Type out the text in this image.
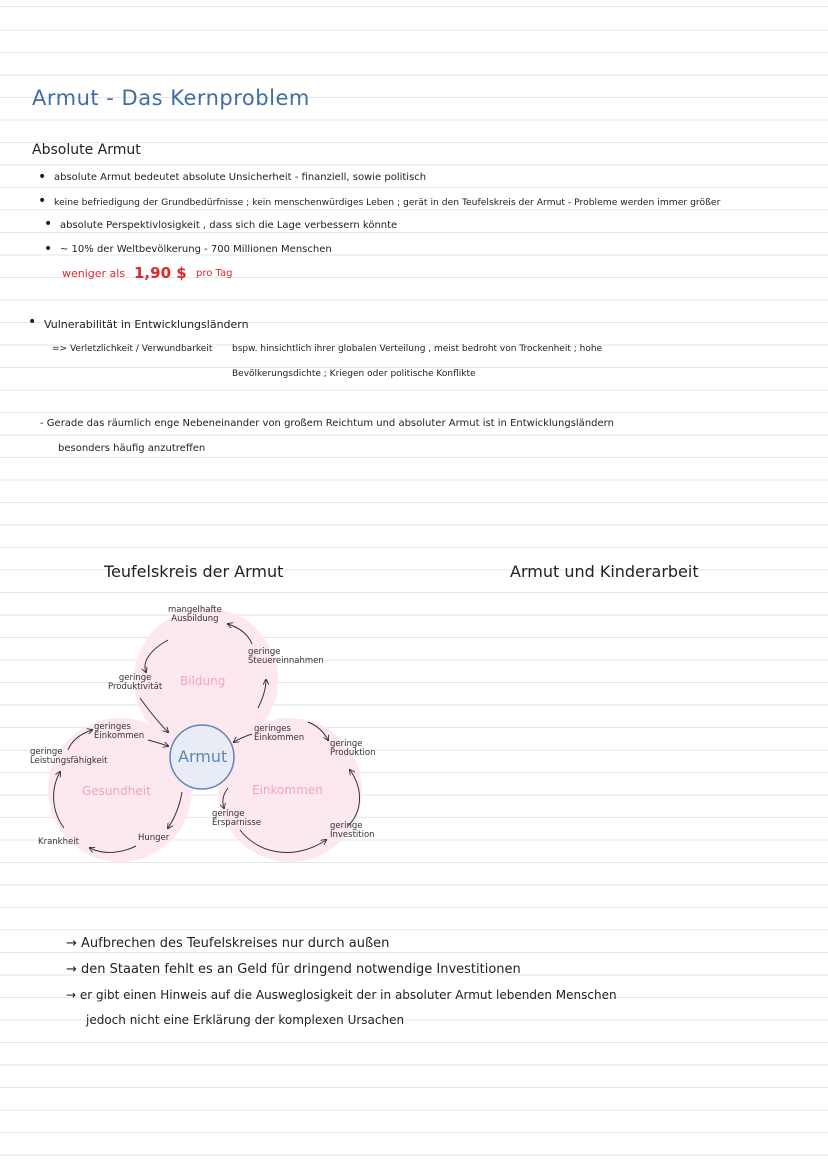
Armut - Das Kernproblem
Absolute Armut
• absolute Armut bedeutet absolute Unsicherheit - finanziell, sowie politisch
• keine befriedigung der Grundbedürfnisse ; kein menschenwürdiges Leben ; gerät in den Teufelskreis der Armut - Probleme werden immer größer
• absolute Perspektivlosigkeit , dass sich die Lage verbessern könnte
• ~ 10% der Weltbevölkerung - 700 Millionen Menschen
weniger als 1,90 $ pro Tag
• Vulnerabilität in Entwicklungsländern
=> Verletzlichkeit / Verwundbarkeit bspw. hinsichtlich ihrer globalen Verteilung , meist bedroht von Trockenheit ; hohe
Bevölkerungsdichte ; Kriegen oder politische Konflikte
- Gerade das räumlich enge Nebeneinander von großem Reichtum und absoluter Armut ist in Entwicklungsländern
besonders häufig anzutreffen
Teufelskreis der Armut	Armut und Kinderarbeit
Bildung
Gesundheit	Einkommen
Armut
mangelhafte
Ausbildung
geringe
Steuereinnahmen
geringe
Produktivität
geringes
Einkommen
geringes
Einkommen
geringe
Produktion
geringe
Leistungsfähigkeit
Krankheit	Hunger
geringe
Ersparnisse	geringe
Investition
→ Aufbrechen des Teufelskreises nur durch außen
→ den Staaten fehlt es an Geld für dringend notwendige Investitionen
→ er gibt einen Hinweis auf die Ausweglosigkeit der in absoluter Armut lebenden Menschen
jedoch nicht eine Erklärung der komplexen Ursachen
